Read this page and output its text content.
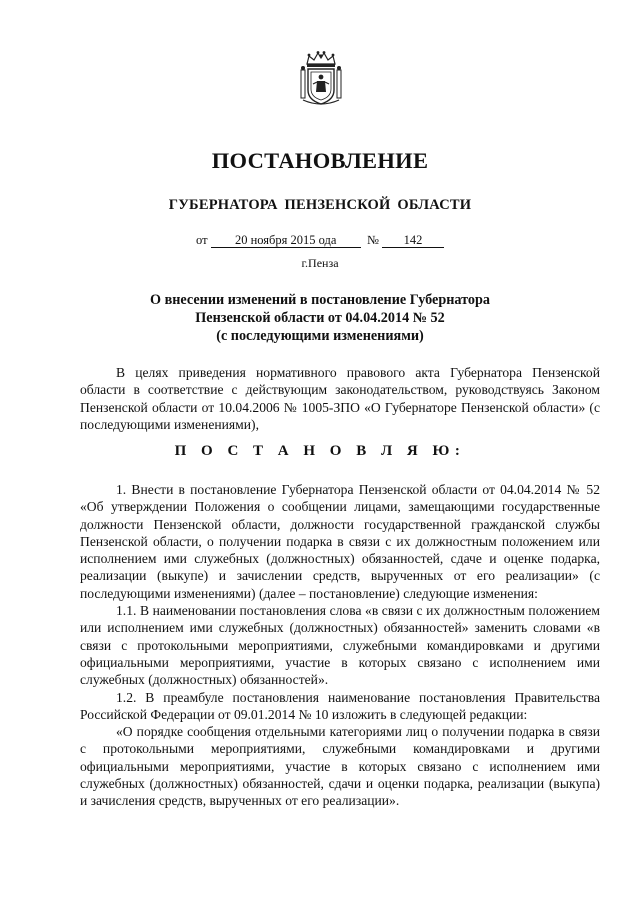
ПОСТАНОВЛЕНИЕ
ГУБЕРНАТОРА ПЕНЗЕНСКОЙ ОБЛАСТИ
от 20 ноября 2015 ода № 142
г.Пенза
О внесении изменений в постановление Губернатора
Пензенской области от 04.04.2014 № 52
(с последующими изменениями)

В целях приведения нормативного правового акта Губернатора Пензенской области в соответствие с действующим законодательством, руководствуясь Законом Пензенской области от 10.04.2006 № 1005-ЗПО «О Губернаторе Пензенской области» (с последующими изменениями),

П О С Т А Н О В Л Я Ю:

1. Внести в постановление Губернатора Пензенской области от 04.04.2014 № 52 «Об утверждении Положения о сообщении лицами, замещающими государственные должности Пензенской области, должности государственной гражданской службы Пензенской области, о получении подарка в связи с их должностным положением или исполнением ими служебных (должностных) обязанностей, сдаче и оценке подарка, реализации (выкупе) и зачислении средств, вырученных от его реализации» (с последующими изменениями) (далее – постановление) следующие изменения:

1.1. В наименовании постановления слова «в связи с их должностным положением или исполнением ими служебных (должностных) обязанностей» заменить словами «в связи с протокольными мероприятиями, служебными командировками и другими официальными мероприятиями, участие в которых связано с исполнением ими служебных (должностных) обязанностей».

1.2. В преамбуле постановления наименование постановления Правительства Российской Федерации от 09.01.2014 № 10 изложить в следующей редакции:

«О порядке сообщения отдельными категориями лиц о получении подарка в связи с протокольными мероприятиями, служебными командировками и другими официальными мероприятиями, участие в которых связано с исполнением ими служебных (должностных) обязанностей, сдачи и оценки подарка, реализации (выкупа) и зачисления средств, вырученных от его реализации».
